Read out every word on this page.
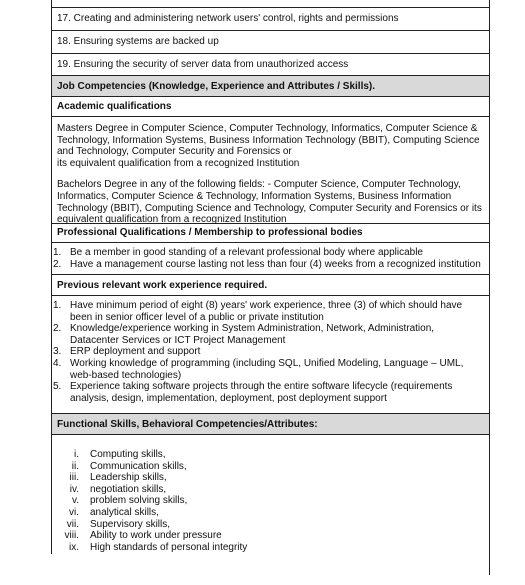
17. Creating and administering network users' control, rights and permissions
18. Ensuring systems are backed up
19. Ensuring the security of server data from unauthorized access
Job Competencies (Knowledge, Experience and Attributes / Skills).
Academic qualifications

Masters Degree in Computer Science, Computer Technology, Informatics, Computer Science & Technology, Information Systems, Business Information Technology (BBIT), Computing Science and Technology, Computer Security and Forensics or

its equivalent qualification from a recognized Institution

Bachelors Degree in any of the following fields: - Computer Science, Computer Technology, Informatics, Computer Science & Technology, Information Systems, Business Information Technology (BBIT), Computing Science and Technology, Computer Security and Forensics or its equivalent qualification from a recognized Institution

Professional Qualifications / Membership to professional bodies
1. Be a member in good standing of a relevant professional body where applicable
2. Have a management course lasting not less than four (4) weeks from a recognized institution
Previous relevant work experience required.
1. Have minimum period of eight (8) years' work experience, three (3) of which should have been in senior officer level of a public or private institution
2. Knowledge/experience working in System Administration, Network, Administration, Datacenter Services or ICT Project Management
3. ERP deployment and support
4. Working knowledge of programming (including SQL, Unified Modeling, Language – UML, web-based technologies)
5. Experience taking software projects through the entire software lifecycle (requirements analysis, design, implementation, deployment, post deployment support
Functional Skills, Behavioral Competencies/Attributes:
i. Computing skills,
ii. Communication skills,
iii. Leadership skills,
iv. negotiation skills,
v. problem solving skills,
vi. analytical skills,
vii. Supervisory skills,
viii. Ability to work under pressure
ix. High standards of personal integrity
